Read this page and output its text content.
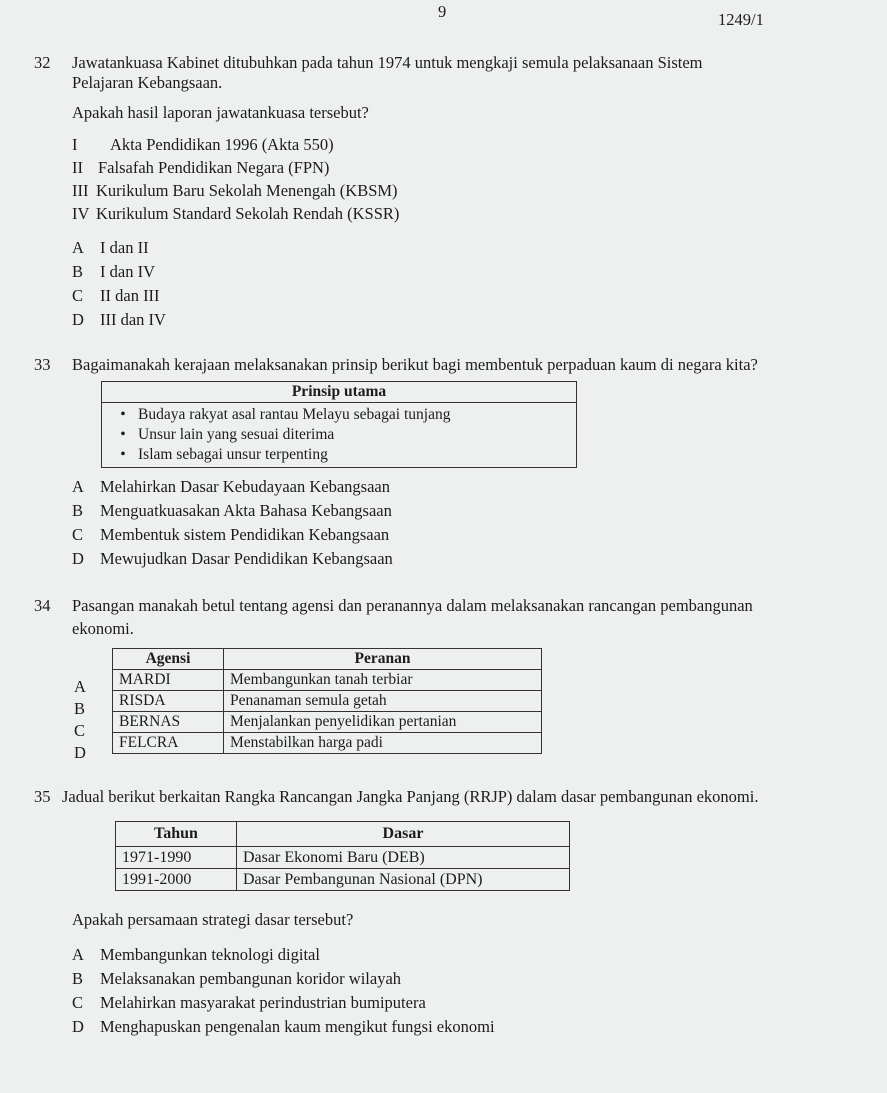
9	1249/1
32 Jawatankuasa Kabinet ditubuhkan pada tahun 1974 untuk mengkaji semula pelaksanaan Sistem
Pelajaran Kebangsaan.
Apakah hasil laporan jawatankuasa tersebut?
I Akta Pendidikan 1996 (Akta 550)
II Falsafah Pendidikan Negara (FPN)
III Kurikulum Baru Sekolah Menengah (KBSM)
IV Kurikulum Standard Sekolah Rendah (KSSR)
A I dan II
B I dan IV
C II dan III
D III dan IV
33 Bagaimanakah kerajaan melaksanakan prinsip berikut bagi membentuk perpaduan kaum di negara kita?
Prinsip utama

• Budaya rakyat asal rantau Melayu sebagai tunjang
• Unsur lain yang sesuai diterima
• Islam sebagai unsur terpenting
A Melahirkan Dasar Kebudayaan Kebangsaan
B Menguatkuasakan Akta Bahasa Kebangsaan
C Membentuk sistem Pendidikan Kebangsaan
D Mewujudkan Dasar Pendidikan Kebangsaan
34 Pasangan manakah betul tentang agensi dan peranannya dalam melaksanakan rancangan pembangunan
ekonomi.
A
B
C
D
Agensi	Peranan
MARDI	Membangunkan tanah terbiar
RISDA	Penanaman semula getah
BERNAS	Menjalankan penyelidikan pertanian
FELCRA	Menstabilkan harga padi
35 Jadual berikut berkaitan Rangka Rancangan Jangka Panjang (RRJP) dalam dasar pembangunan ekonomi.
Tahun	Dasar
1971-1990	Dasar Ekonomi Baru (DEB)
1991-2000	Dasar Pembangunan Nasional (DPN)
Apakah persamaan strategi dasar tersebut?
A Membangunkan teknologi digital
B Melaksanakan pembangunan koridor wilayah
C Melahirkan masyarakat perindustrian bumiputera
D Menghapuskan pengenalan kaum mengikut fungsi ekonomi
